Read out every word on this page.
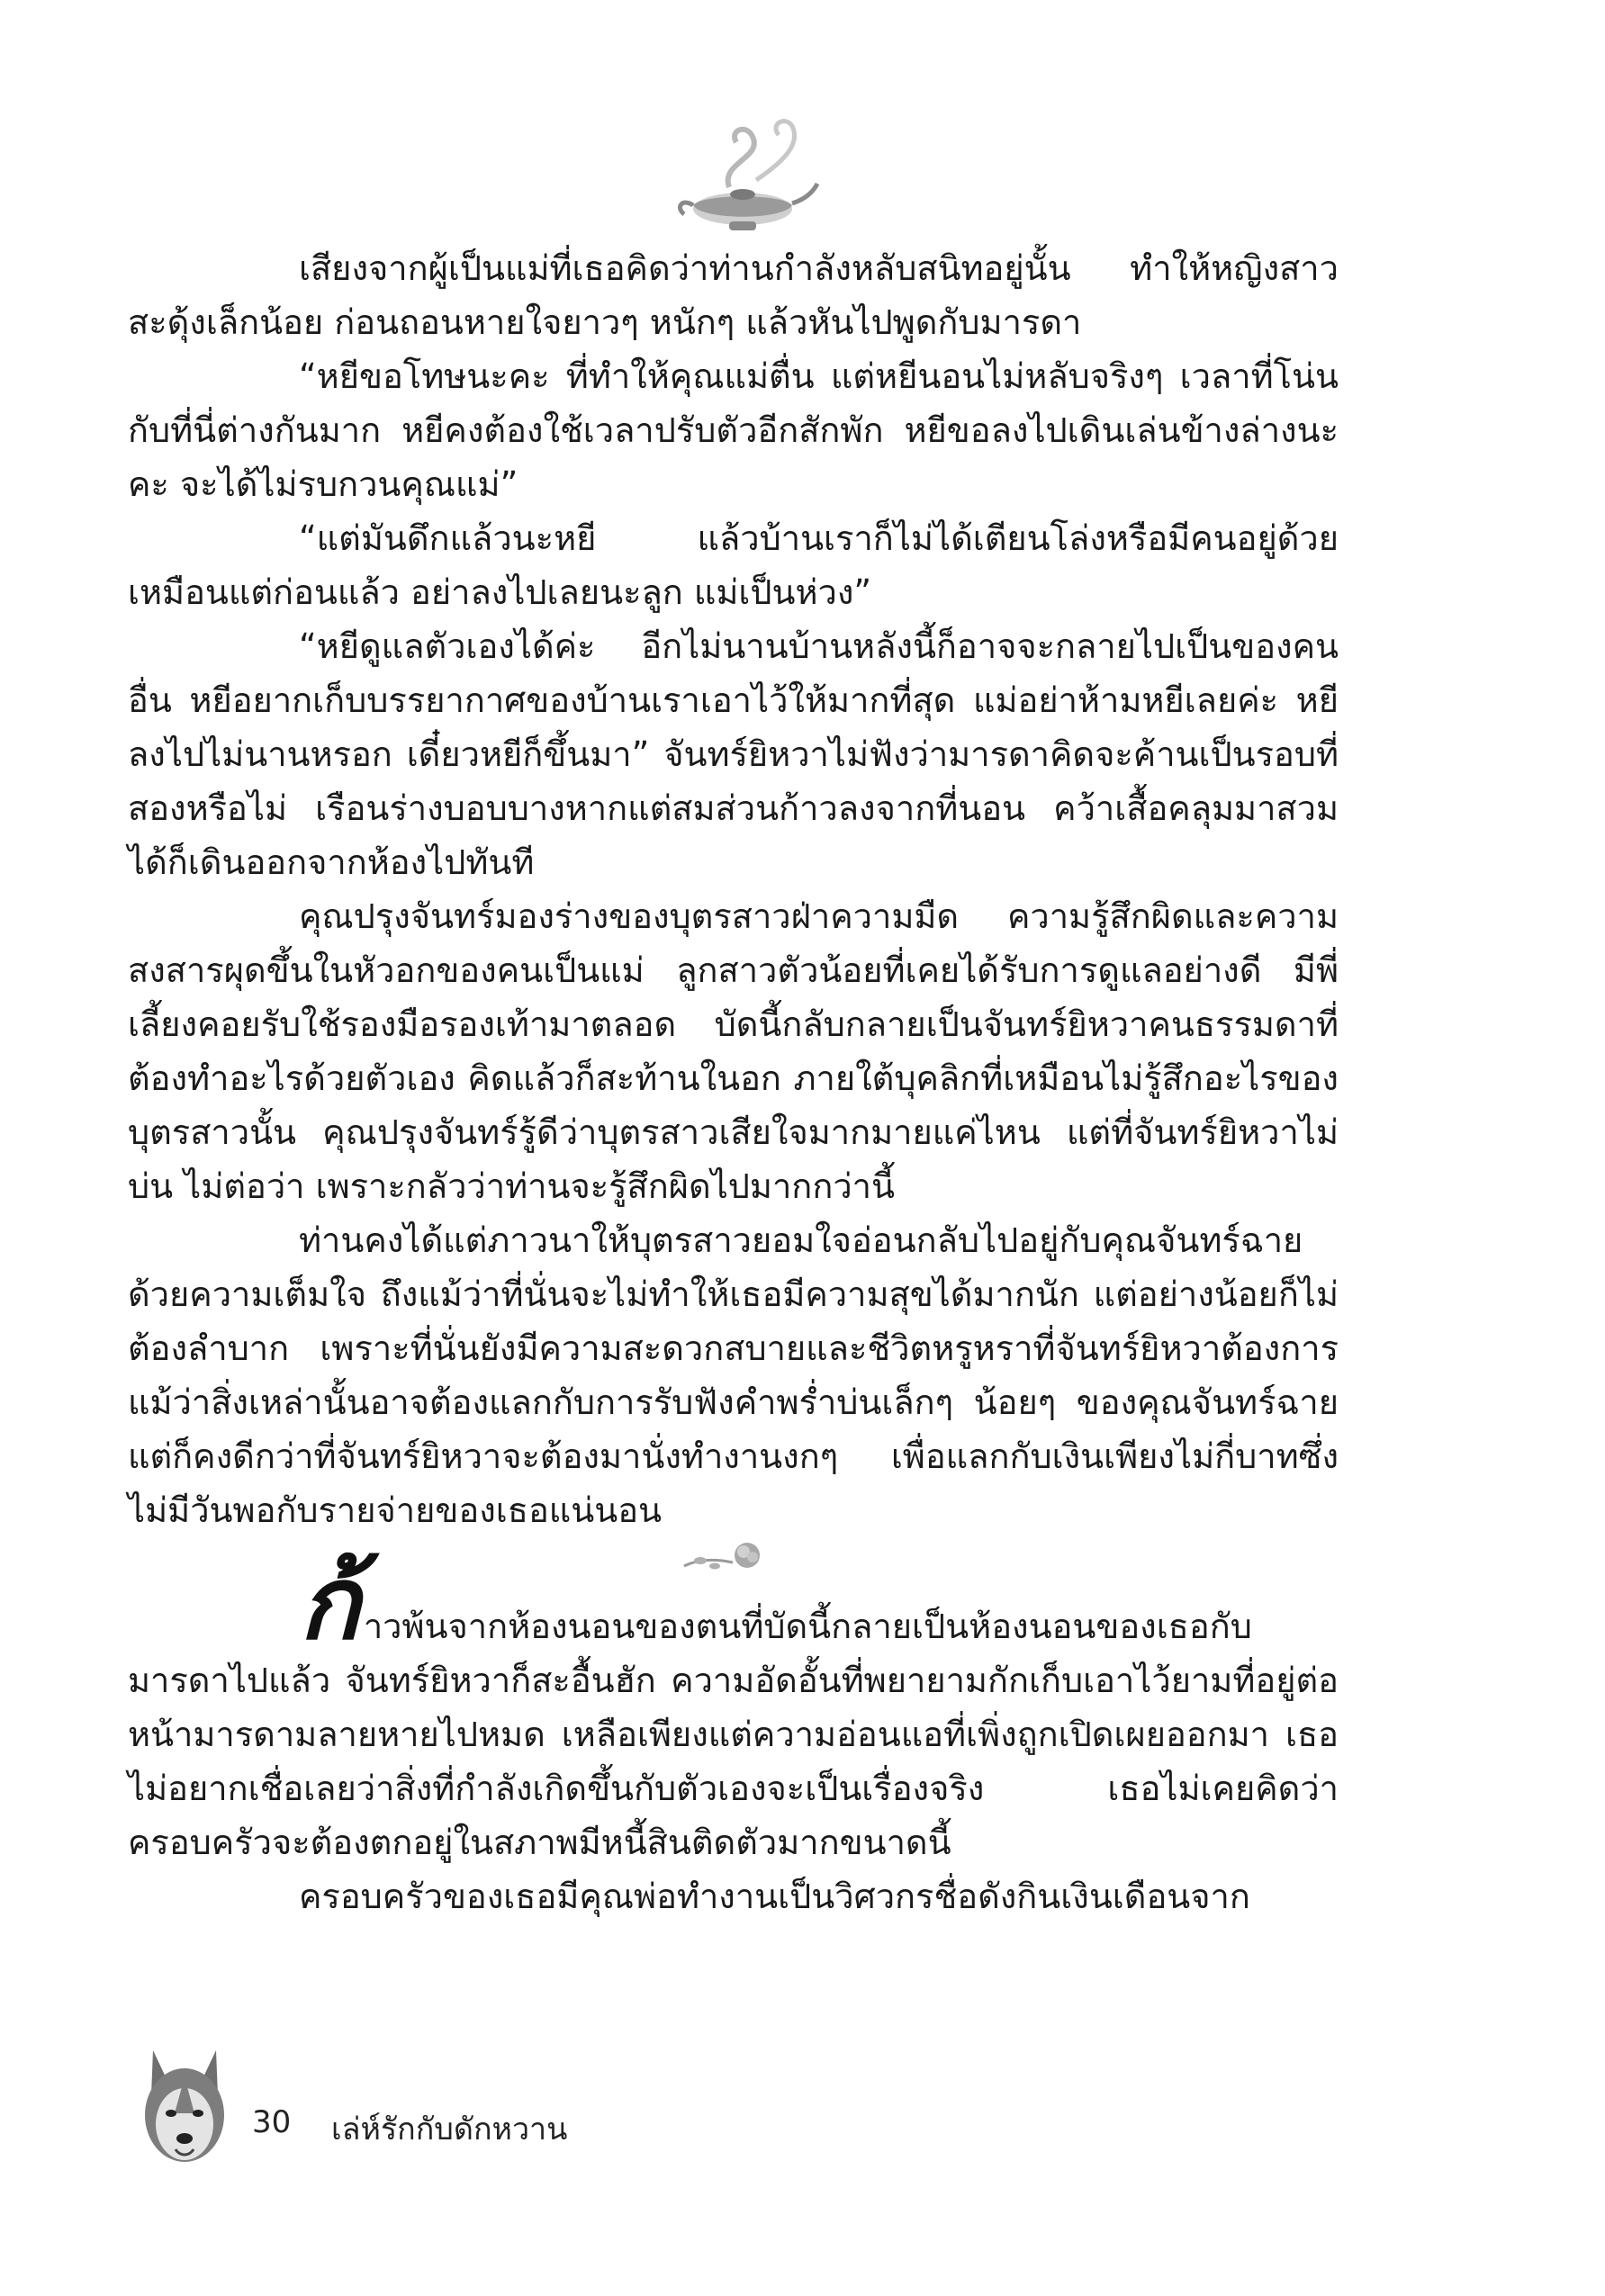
เสียงจากผู้เป็นแม่ที่เธอคิดว่าท่านกำลังหลับสนิทอยู่นั้น ทำให้หญิงสาวสะดุ้งเล็กน้อย ก่อนถอนหายใจยาวๆ หนักๆ แล้วหันไปพูดกับมารดา

“หยีขอโทษนะคะ ที่ทำให้คุณแม่ตื่น แต่หยีนอนไม่หลับจริงๆ เวลาที่โน่นกับที่นี่ต่างกันมาก หยีคงต้องใช้เวลาปรับตัวอีกสักพัก หยีขอลงไปเดินเล่นข้างล่างนะคะ จะได้ไม่รบกวนคุณแม่”

“แต่มันดึกแล้วนะหยี แล้วบ้านเราก็ไม่ได้เตียนโล่งหรือมีคนอยู่ด้วยเหมือนแต่ก่อนแล้ว อย่าลงไปเลยนะลูก แม่เป็นห่วง”

“หยีดูแลตัวเองได้ค่ะ อีกไม่นานบ้านหลังนี้ก็อาจจะกลายไปเป็นของคนอื่น หยีอยากเก็บบรรยากาศของบ้านเราเอาไว้ให้มากที่สุด แม่อย่าห้ามหยีเลยค่ะ หยีลงไปไม่นานหรอก เดี๋ยวหยีก็ขึ้นมา” จันทร์ยิหวาไม่ฟังว่ามารดาคิดจะค้านเป็นรอบที่สองหรือไม่ เรือนร่างบอบบางหากแต่สมส่วนก้าวลงจากที่นอน คว้าเสื้อคลุมมาสวมได้ก็เดินออกจากห้องไปทันที

คุณปรุงจันทร์มองร่างของบุตรสาวฝ่าความมืด ความรู้สึกผิดและความสงสารผุดขึ้นในหัวอกของคนเป็นแม่ ลูกสาวตัวน้อยที่เคยได้รับการดูแลอย่างดี มีพี่เลี้ยงคอยรับใช้รองมือรองเท้ามาตลอด บัดนี้กลับกลายเป็นจันทร์ยิหวาคนธรรมดาที่ต้องทำอะไรด้วยตัวเอง คิดแล้วก็สะท้านในอก ภายใต้บุคลิกที่เหมือนไม่รู้สึกอะไรของบุตรสาวนั้น คุณปรุงจันทร์รู้ดีว่าบุตรสาวเสียใจมากมายแค่ไหน แต่ที่จันทร์ยิหวาไม่บ่น ไม่ต่อว่า เพราะกลัวว่าท่านจะรู้สึกผิดไปมากกว่านี้

ท่านคงได้แต่ภาวนาให้บุตรสาวยอมใจอ่อนกลับไปอยู่กับคุณจันทร์ฉายด้วยความเต็มใจ ถึงแม้ว่าที่นั่นจะไม่ทำให้เธอมีความสุขได้มากนัก แต่อย่างน้อยก็ไม่ต้องลำบาก เพราะที่นั่นยังมีความสะดวกสบายและชีวิตหรูหราที่จันทร์ยิหวาต้องการ แม้ว่าสิ่งเหล่านั้นอาจต้องแลกกับการรับฟังคำพร่ำบ่นเล็กๆ น้อยๆ ของคุณจันทร์ฉาย แต่ก็คงดีกว่าที่จันทร์ยิหวาจะต้องมานั่งทำงานงกๆ เพื่อแลกกับเงินเพียงไม่กี่บาทซึ่งไม่มีวันพอกับรายจ่ายของเธอแน่นอน

ก้าวพ้นจากห้องนอนของตนที่บัดนี้กลายเป็นห้องนอนของเธอกับมารดาไปแล้ว จันทร์ยิหวาก็สะอื้นฮัก ความอัดอั้นที่พยายามกักเก็บเอาไว้ยามที่อยู่ต่อหน้ามารดามลายหายไปหมด เหลือเพียงแต่ความอ่อนแอที่เพิ่งถูกเปิดเผยออกมา เธอไม่อยากเชื่อเลยว่าสิ่งที่กำลังเกิดขึ้นกับตัวเองจะเป็นเรื่องจริง เธอไม่เคยคิดว่าครอบครัวจะต้องตกอยู่ในสภาพมีหนี้สินติดตัวมากขนาดนี้

ครอบครัวของเธอมีคุณพ่อทำงานเป็นวิศวกรชื่อดังกินเงินเดือนจาก

30 เล่ห์รักกับดักหวาน
